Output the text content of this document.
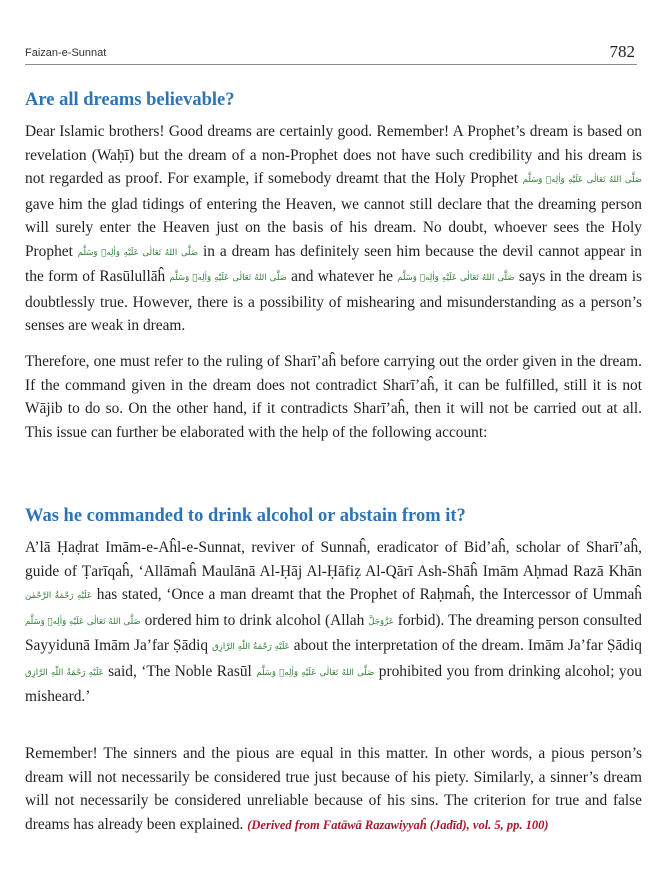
Faizan-e-Sunnat	782
Are all dreams believable?

Dear Islamic brothers! Good dreams are certainly good. Remember! A Prophet’s dream is based on revelation (Waḥī) but the dream of a non-Prophet does not have such credibility and his dream is not regarded as proof. For example, if somebody dreamt that the Holy Prophet صَلَّى اللهُ تَعَالٰى عَلَيْهِ وَاٰلِهٖ وَسَلَّم gave him the glad tidings of entering the Heaven, we cannot still declare that the dreaming person will surely enter the Heaven just on the basis of his dream. No doubt, whoever sees the Holy Prophet صَلَّى اللهُ تَعَالٰى عَلَيْهِ وَاٰلِهٖ وَسَلَّم in a dream has definitely seen him because the devil cannot appear in the form of Rasūlullāĥ صَلَّى اللهُ تَعَالٰى عَلَيْهِ وَاٰلِهٖ وَسَلَّم and whatever he صَلَّى اللهُ تَعَالٰى عَلَيْهِ وَاٰلِهٖ وَسَلَّم says in the dream is doubtlessly true. However, there is a possibility of mishearing and misunderstanding as a person’s senses are weak in dream.

Therefore, one must refer to the ruling of Sharī’aĥ before carrying out the order given in the dream. If the command given in the dream does not contradict Sharī’aĥ, it can be fulfilled, still it is not Wājib to do so. On the other hand, if it contradicts Sharī’aĥ, then it will not be carried out at all. This issue can further be elaborated with the help of the following account:

Was he commanded to drink alcohol or abstain from it?

A’lā Ḥaḍrat Imām-e-Aĥl-e-Sunnat, reviver of Sunnaĥ, eradicator of Bid’aĥ, scholar of Sharī’aĥ, guide of Ṭarīqaĥ, ‘Allāmaĥ Maulānā Al-Ḥāj Al-Ḥāfiẓ Al-Qārī Ash-Shāĥ Imām Aḥmad Razā Khān عَلَيْهِ رَحْمَةُ الرَّحْمٰن has stated, ‘Once a man dreamt that the Prophet of Raḥmaĥ, the Intercessor of Ummaĥ صَلَّى اللهُ تَعَالٰى عَلَيْهِ وَاٰلِهٖ وَسَلَّم ordered him to drink alcohol (Allah عَزَّوَجَلَّ forbid). The dreaming person consulted Sayyidunā Imām Ja’far Ṣādiq عَلَيْهِ رَحْمَةُ اللّٰهِ الرَّازِق about the interpretation of the dream. Imām Ja’far Ṣādiq عَلَيْهِ رَحْمَةُ اللّٰهِ الرَّازِق said, ‘The Noble Rasūl صَلَّى اللهُ تَعَالٰى عَلَيْهِ وَاٰلِهٖ وَسَلَّم prohibited you from drinking alcohol; you misheard.’

Remember! The sinners and the pious are equal in this matter. In other words, a pious person’s dream will not necessarily be considered true just because of his piety. Similarly, a sinner’s dream will not necessarily be considered unreliable because of his sins. The criterion for true and false dreams has already been explained. (Derived from Fatāwā Razawiyyaĥ (Jadīd), vol. 5, pp. 100)
